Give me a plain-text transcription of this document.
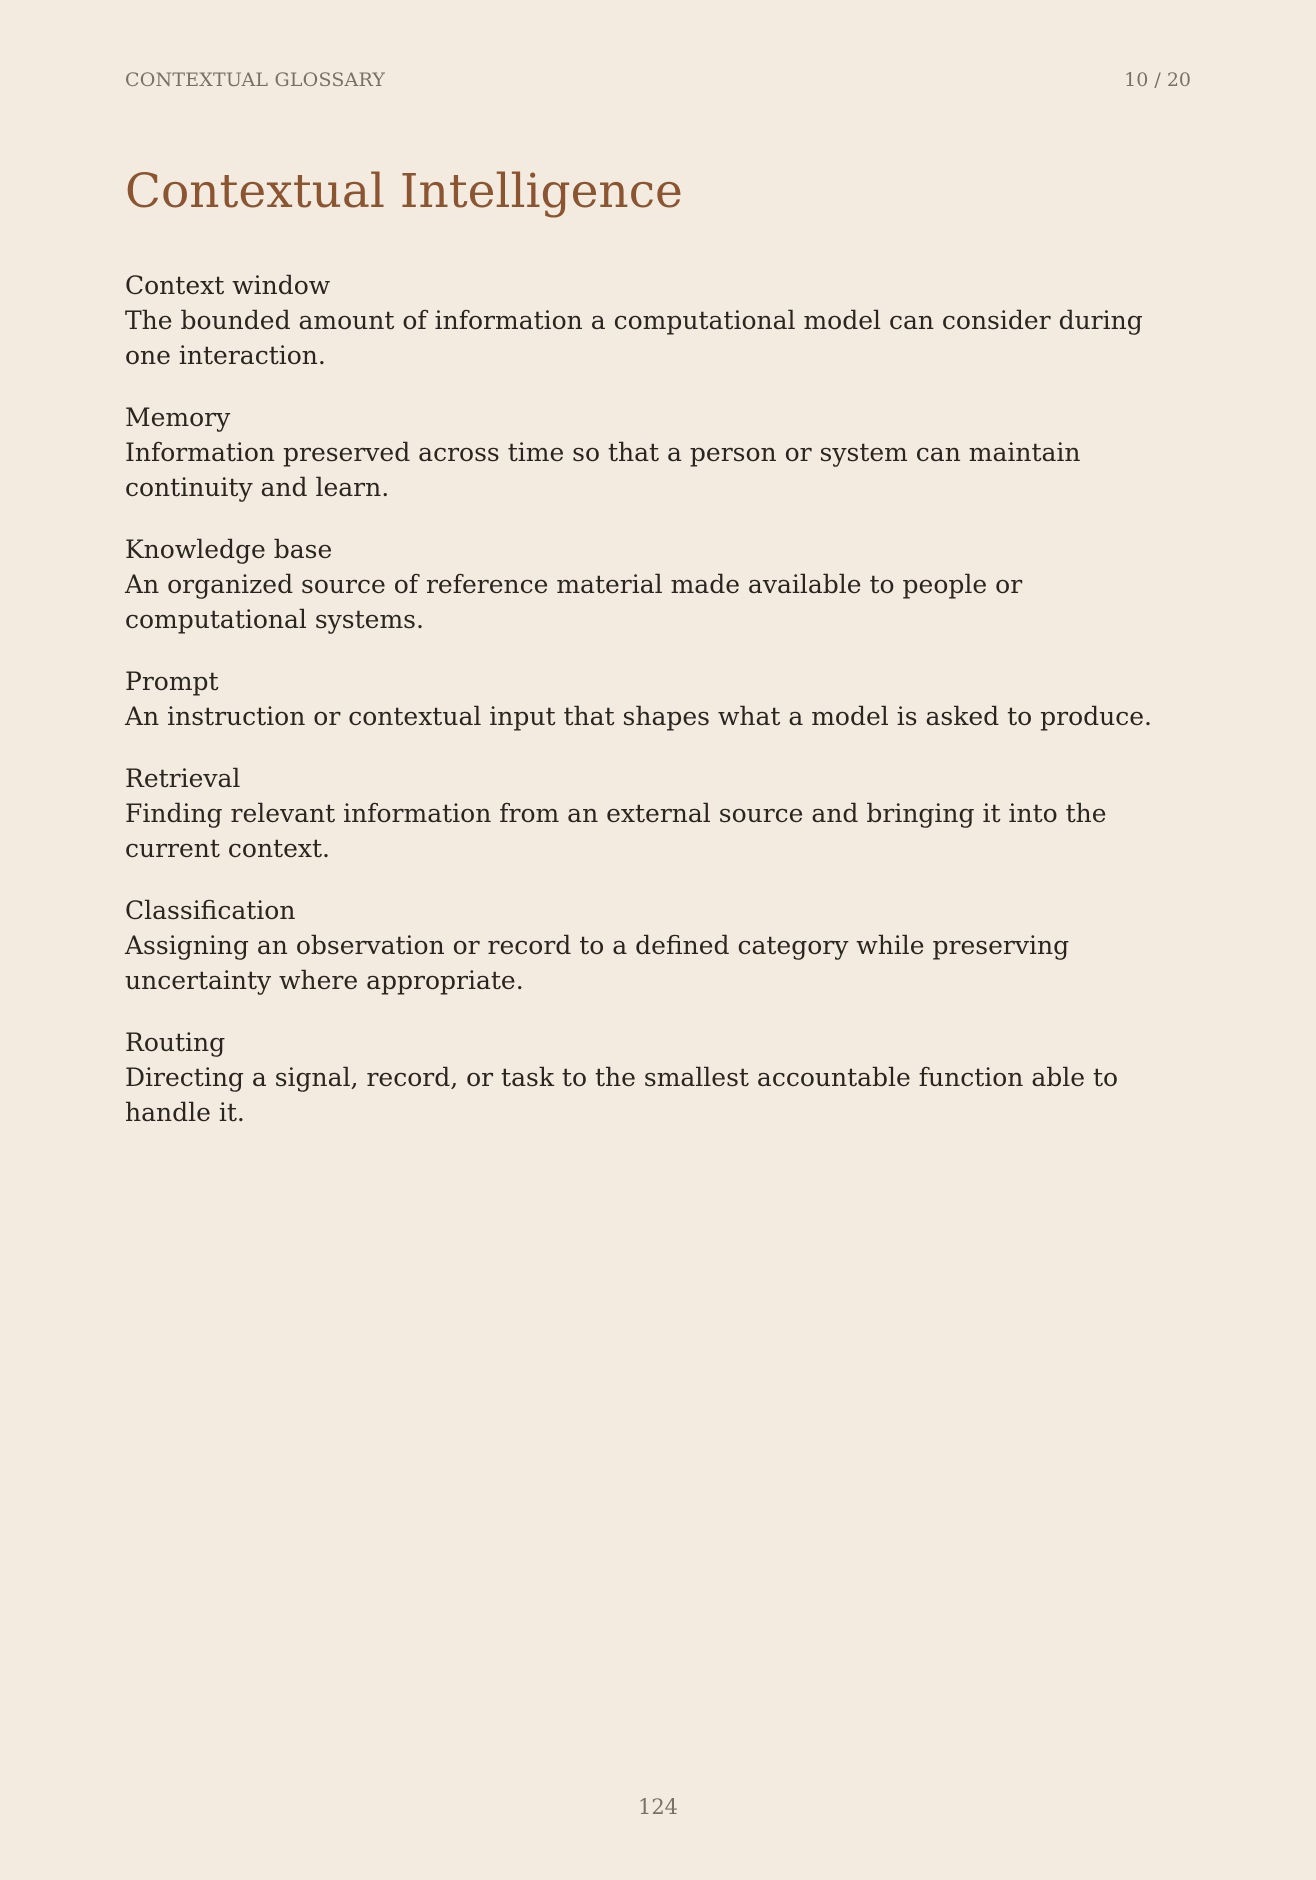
CONTEXTUAL GLOSSARY	10 / 20
Contextual Intelligence
Context window
The bounded amount of information a computational model can consider during one interaction.
Memory
Information preserved across time so that a person or system can maintain continuity and learn.
Knowledge base
An organized source of reference material made available to people or computational systems.
Prompt
An instruction or contextual input that shapes what a model is asked to produce.
Retrieval
Finding relevant information from an external source and bringing it into the current context.
Classification
Assigning an observation or record to a defined category while preserving uncertainty where appropriate.
Routing
Directing a signal, record, or task to the smallest accountable function able to handle it.
124
